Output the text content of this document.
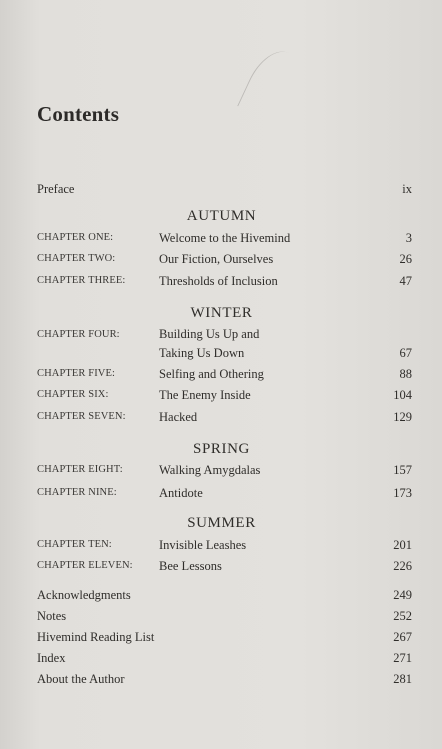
Contents
Preface	ix
AUTUMN
CHAPTER ONE:	Welcome to the Hivemind	3
CHAPTER TWO:	Our Fiction, Ourselves	26
CHAPTER THREE:	Thresholds of Inclusion	47
WINTER
CHAPTER FOUR:	Building Us Up and
Taking Us Down	67
CHAPTER FIVE:	Selfing and Othering	88
CHAPTER SIX:	The Enemy Inside	104
CHAPTER SEVEN:	Hacked	129
SPRING
CHAPTER EIGHT:	Walking Amygdalas	157
CHAPTER NINE:	Antidote	173
SUMMER
CHAPTER TEN:	Invisible Leashes	201
CHAPTER ELEVEN: Bee Lessons	226
Acknowledgments	249
Notes	252
Hivemind Reading List	267
Index	271
About the Author	281
